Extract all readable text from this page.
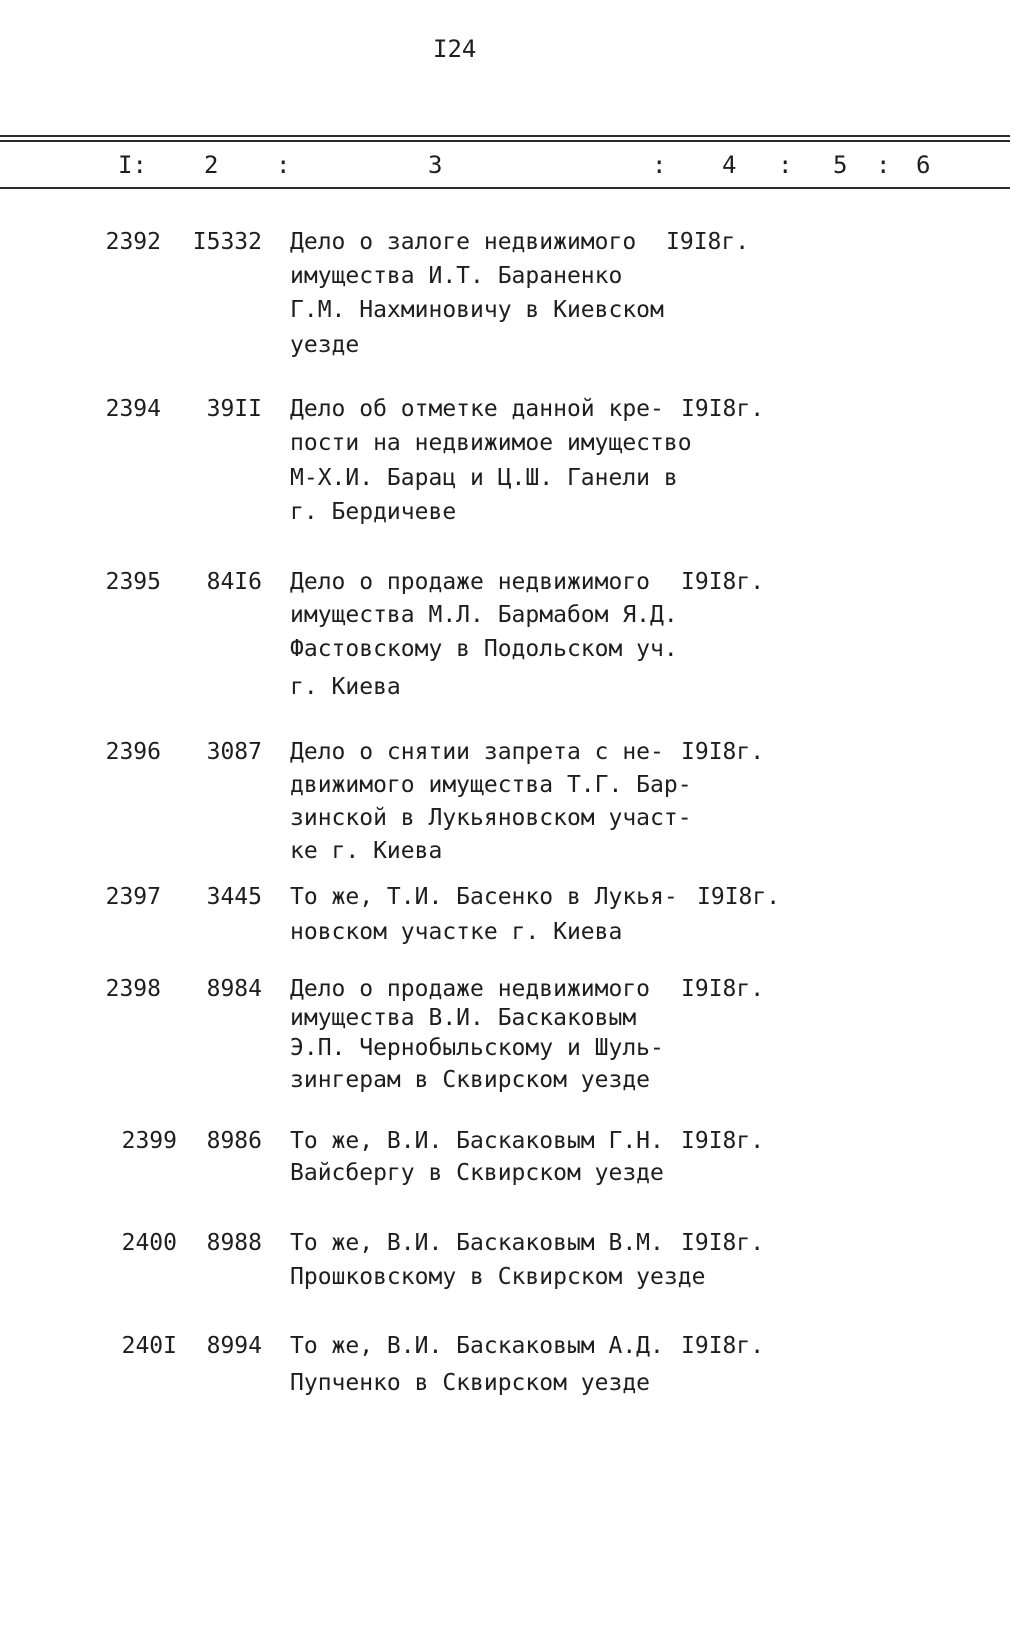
I24
I: 2 :	3	: 4 : 5 : 6
2392	I5332 Дело о залоге недвижимого
имущества И.Т. Бараненко
Г.М. Нахминовичу в Киевском
уезде
I9I8г.
2394	39II Дело об отметке данной кре-
пости на недвижимое имущество
М-Х.И. Барац и Ц.Ш. Ганели в
г. Бердичеве
I9I8г.
2395	84I6 Дело о продаже недвижимого
имущества М.Л. Бармабом Я.Д.
Фастовскому в Подольском уч.
г. Киева
I9I8г.
2396	3087 Дело о снятии запрета с не-
движимого имущества Т.Г. Бар-
зинской в Лукьяновском участ-
ке г. Киева
I9I8г.
2397	3445 То же, Т.И. Басенко в Лукья-
новском участке г. Киева
I9I8г.
2398	8984 Дело о продаже недвижимого
имущества В.И. Баскаковым
Э.П. Чернобыльскому и Шуль-
зингерам в Сквирском уезде
I9I8г.
2399	8986 То же, В.И. Баскаковым Г.Н.
Вайсбергу в Сквирском уезде
I9I8г.
2400	8988 То же, В.И. Баскаковым В.М.
Прошковскому в Сквирском уезде
I9I8г.
240I	8994 То же, В.И. Баскаковым А.Д.
Пупченко в Сквирском уезде
I9I8г.
